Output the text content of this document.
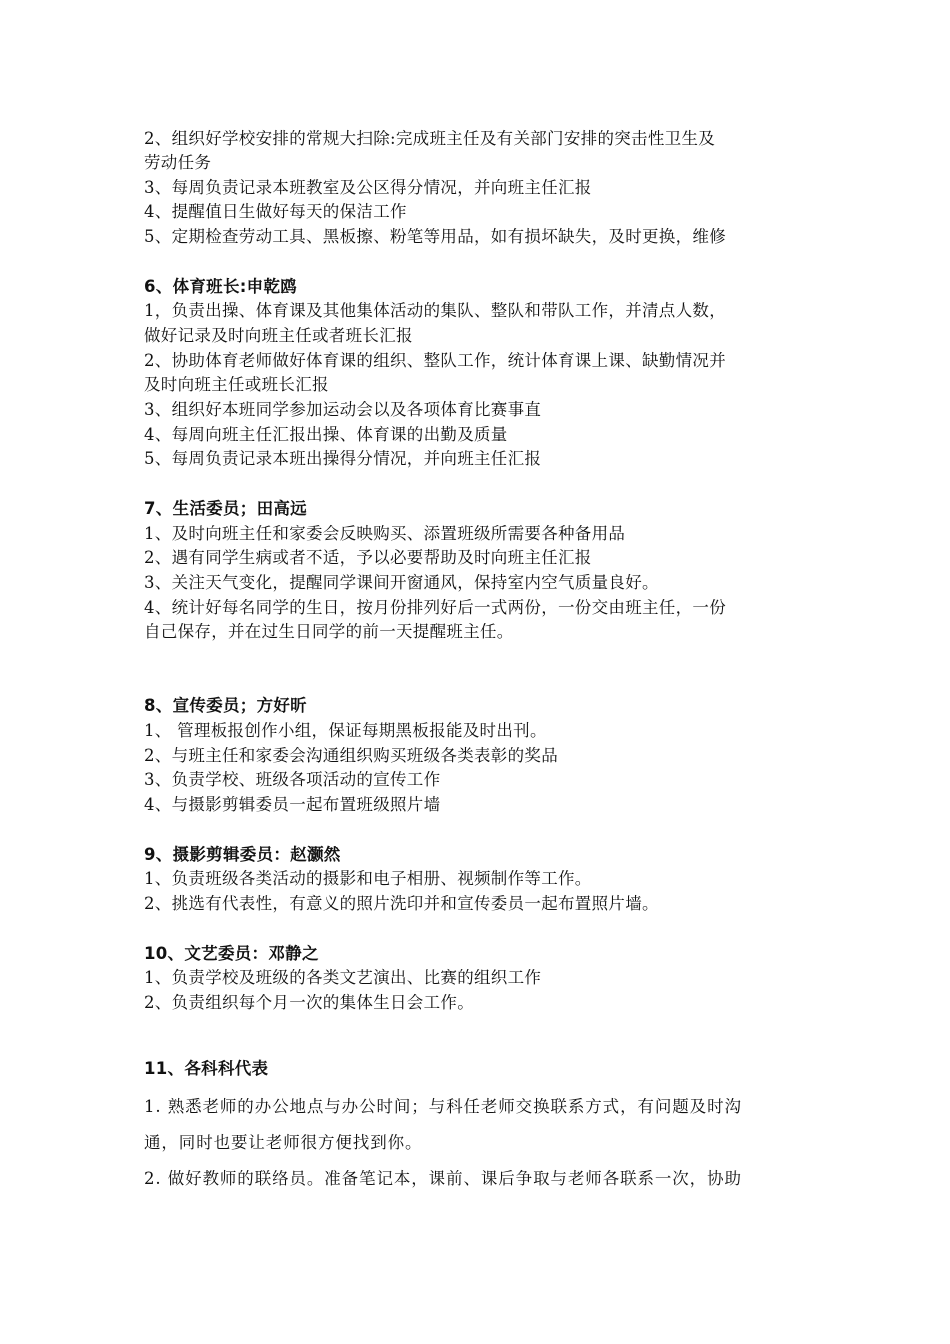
2、组织好学校安排的常规大扫除:完成班主任及有关部门安排的突击性卫生及
劳动任务
3、每周负责记录本班教室及公区得分情况，并向班主任汇报
4、提醒值日生做好每天的保洁工作
5、定期检查劳动工具、黑板擦、粉笔等用品，如有损坏缺失，及时更换，维修
6、体育班长:申乾鸥
1，负责出操、体育课及其他集体活动的集队、整队和带队工作，并清点人数，
做好记录及时向班主任或者班长汇报
2、协助体育老师做好体育课的组织、整队工作，统计体育课上课、缺勤情况并
及时向班主任或班长汇报
3、组织好本班同学参加运动会以及各项体育比赛事直
4、每周向班主任汇报出操、体育课的出勤及质量
5、每周负责记录本班出操得分情况，并向班主任汇报
7、生活委员；田高远
1、及时向班主任和家委会反映购买、添置班级所需要各种备用品
2、遇有同学生病或者不适，予以必要帮助及时向班主任汇报
3、关注天气变化，提醒同学课间开窗通风，保持室内空气质量良好。
4、统计好每名同学的生日，按月份排列好后一式两份，一份交由班主任，一份
自己保存，并在过生日同学的前一天提醒班主任。
8、宣传委员；方好昕
1、 管理板报创作小组，保证每期黑板报能及时出刊。
2、与班主任和家委会沟通组织购买班级各类表彰的奖品
3、负责学校、班级各项活动的宣传工作
4、与摄影剪辑委员一起布置班级照片墙
9、摄影剪辑委员：赵灏然
1、负责班级各类活动的摄影和电子相册、视频制作等工作。
2、挑选有代表性，有意义的照片洗印并和宣传委员一起布置照片墙。
10、文艺委员：邓静之
1、负责学校及班级的各类文艺演出、比赛的组织工作
2、负责组织每个月一次的集体生日会工作。
11、各科科代表
1. 熟悉老师的办公地点与办公时间；与科任老师交换联系方式，有问题及时沟
通，同时也要让老师很方便找到你。
2. 做好教师的联络员。准备笔记本，课前、课后争取与老师各联系一次，协助
